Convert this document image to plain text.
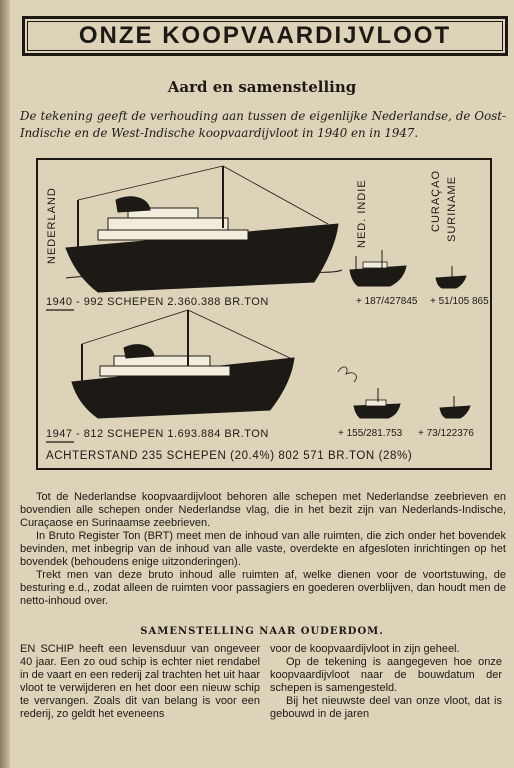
ONZE KOOPVAARDIJVLOOT
Aard en samenstelling
De tekening geeft de verhouding aan tussen de eigenlijke Nederlandse, de Oost-Indische en de West-Indische koopvaardijvloot in 1940 en in 1947.
NEDERLAND	NED. INDIE	CURAÇAO SURINAME
1940 - 992 SCHEPEN 2.360.388 BR.TON	+ 187/427845 + 51/105 865
1947 - 812 SCHEPEN 1.693.884 BR.TON	+ 155/281.753 + 73/122376
ACHTERSTAND 235 SCHEPEN (20.4%) 802 571 BR.TON (28%)

Tot de Nederlandse koopvaardijvloot behoren alle schepen met Nederlandse zeebrieven en bovendien alle schepen onder Nederlandse vlag, die in het bezit zijn van Nederlands-Indische, Curaçaose en Surinaamse zeebrieven.

In Bruto Register Ton (BRT) meet men de inhoud van alle ruimten, die zich onder het bovendek bevinden, met inbegrip van de inhoud van alle vaste, overdekte en afgesloten inrichtingen op het bovendek (behoudens enige uitzonderingen).

Trekt men van deze bruto inhoud alle ruimten af, welke dienen voor de voortstuwing, de besturing e.d., zodat alleen de ruimten voor passagiers en goederen overblijven, dan houdt men de netto-inhoud over.

SAMENSTELLING NAAR OUDERDOM.

EN SCHIP heeft een levensduur van ongeveer 40 jaar. Een zo oud schip is echter niet rendabel in de vaart en een rederij zal trachten het uit haar vloot te verwijderen en het door een nieuw schip te vervangen. Zoals dit van belang is voor een rederij, zo geldt het eveneens

voor de koopvaardijvloot in zijn geheel.

Op de tekening is aangegeven hoe onze koopvaardijvloot naar de bouwdatum der schepen is samengesteld.

Bij het nieuwste deel van onze vloot, dat is gebouwd in de jaren
